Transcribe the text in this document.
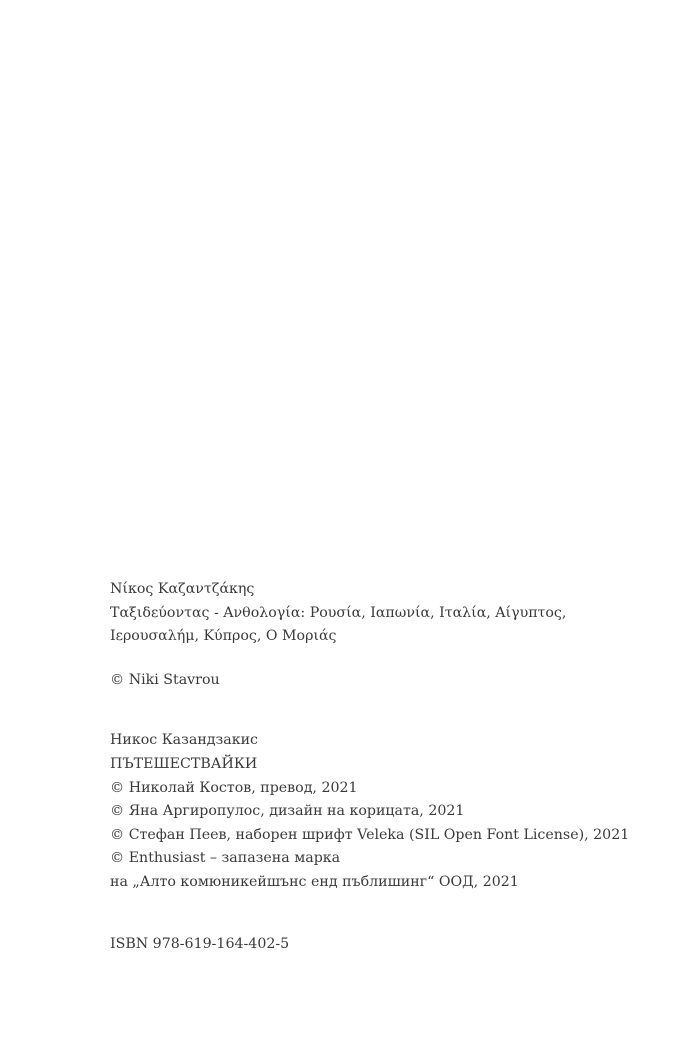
Νίκος Καζαντζάκης

Ταξιδεύοντας - Ανθολογία: Ρουσία, Ιαπωνία, Ιταλία, Αίγυπτος,

Ιερουσαλήμ, Κύπρος, Ο Μοριάς

© Niki Stavrou

Никос Казандзакис

ПЪТЕШЕСТВАЙКИ

© Николай Костов, превод, 2021

© Яна Аргиропулос, дизайн на корицата, 2021

© Стефан Пеев, наборен шрифт Veleka (SIL Open Font License), 2021

© Enthusiast – запазена марка

на „Алто комюникейшънс енд пъблишинг“ ООД, 2021

ISBN 978-619-164-402-5
